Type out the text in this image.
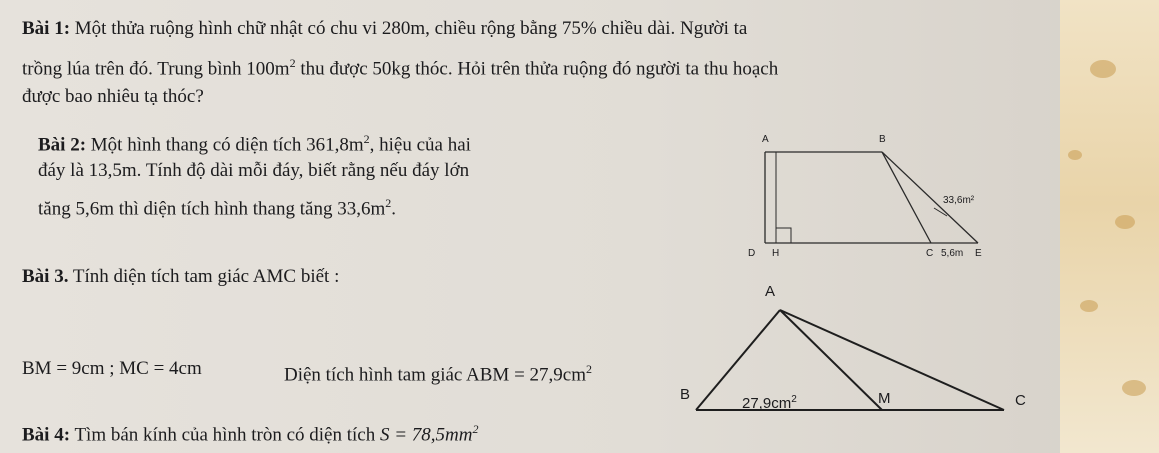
Bài 1: Một thửa ruộng hình chữ nhật có chu vi 280m, chiều rộng bằng 75% chiều dài. Người ta
trồng lúa trên đó. Trung bình $100m^2$ thu được 50kg thóc. Hỏi trên thửa ruộng đó người ta thu hoạch
được bao nhiêu tạ thóc?
Bài 2: Một hình thang có diện tích $361,8m^2$, hiệu của hai
đáy là 13,5m. Tính độ dài mỗi đáy, biết rằng nếu đáy lớn
tăng 5,6m thì diện tích hình thang tăng $33,6m^2$.
A	B
D H	C	E
33,6m²
5,6m
Bài 3. Tính diện tích tam giác AMC biết :
BM = 9cm ; MC = 4cm	Diện tích hình tam giác ABM = $27,9cm^2$
A
B	M	C
$27,9cm^2$
Bài 4: Tìm bán kính của hình tròn có diện tích $S = 78,5mm^2$
